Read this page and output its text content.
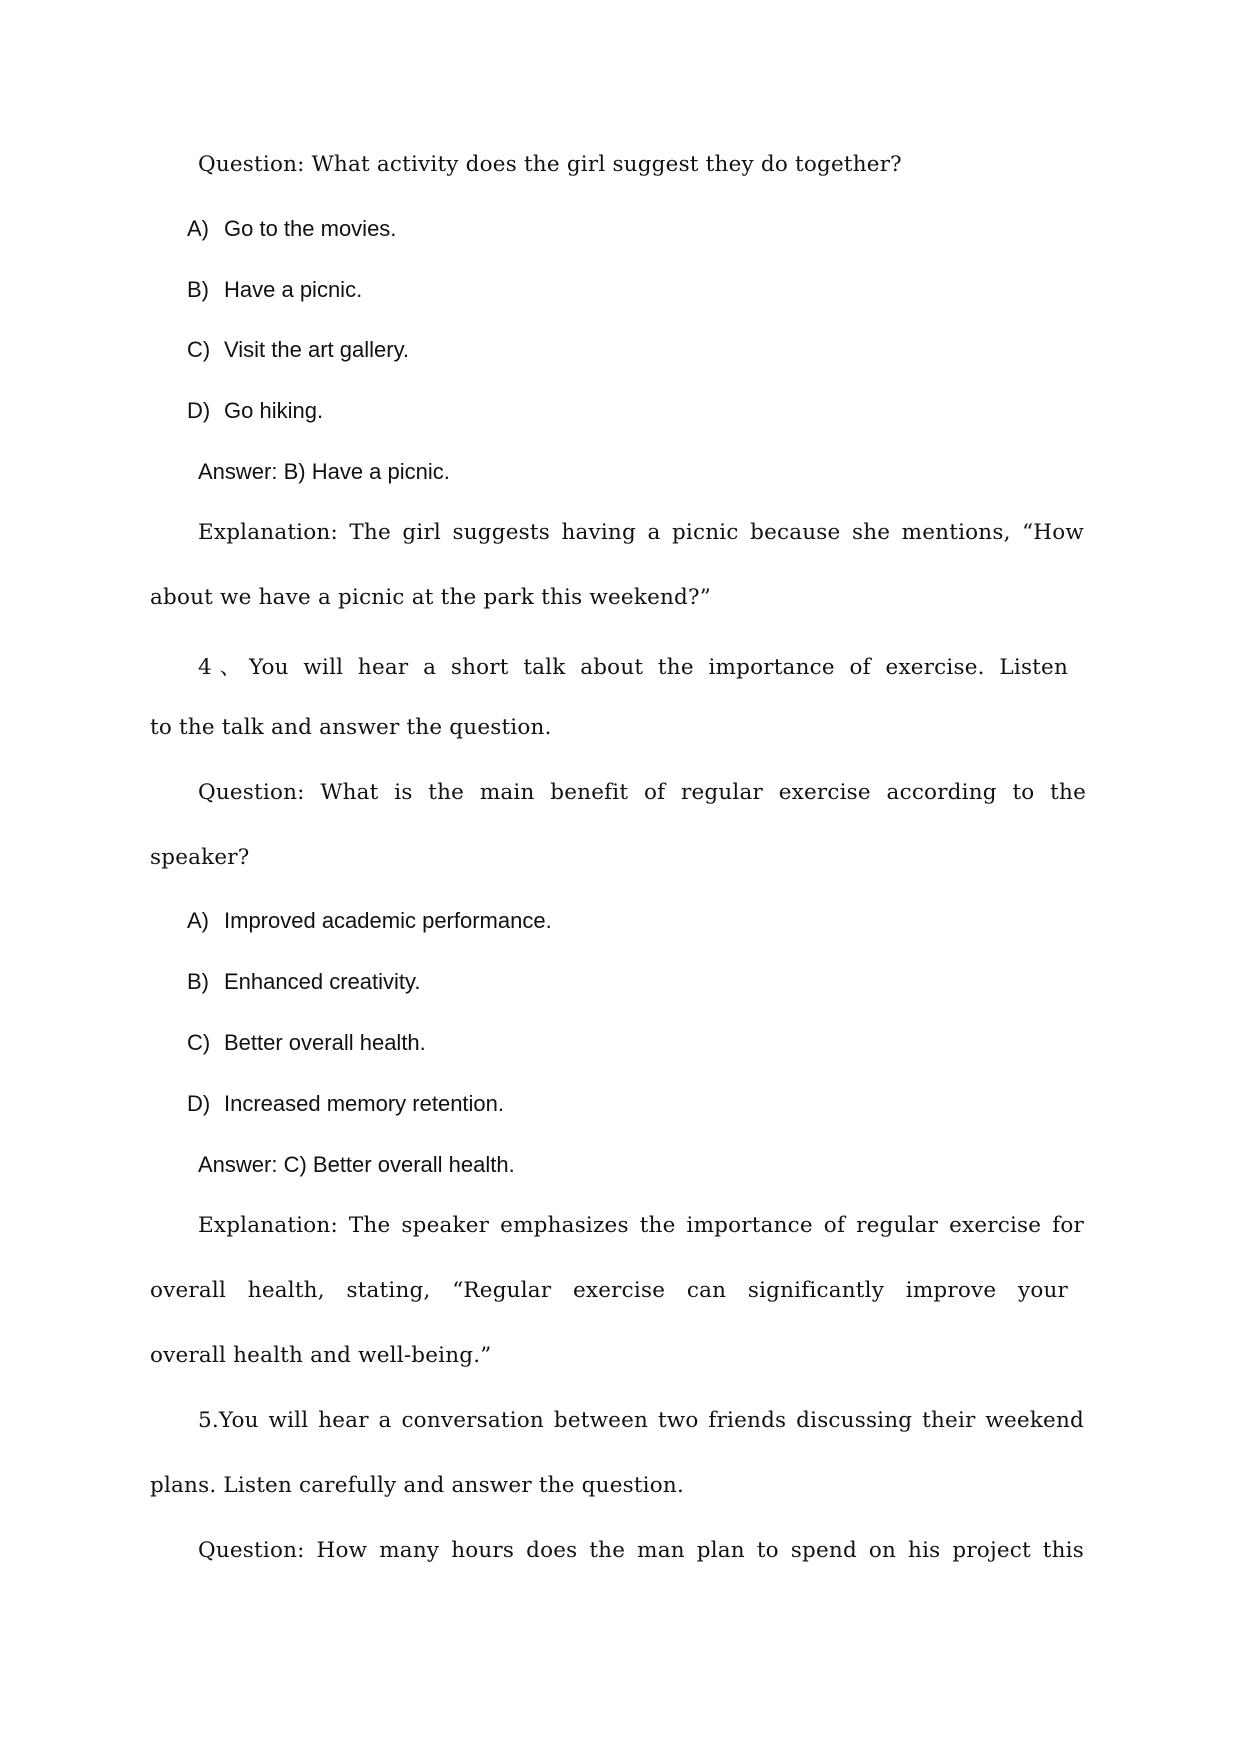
Question: What activity does the girl suggest they do together?

A) Go to the movies.
B) Have a picnic.
C) Visit the art gallery.
D) Go hiking.

Answer: B) Have a picnic.

Explanation: The girl suggests having a picnic because she mentions, “How

about we have a picnic at the park this weekend?”

4、You will hear a short talk about the importance of exercise. Listen

to the talk and answer the question.

Question: What is the main benefit of regular exercise according to the

speaker?

A) Improved academic performance.
B) Enhanced creativity.
C) Better overall health.
D) Increased memory retention.

Answer: C) Better overall health.

Explanation: The speaker emphasizes the importance of regular exercise for

overall health, stating, “Regular exercise can significantly improve your

overall health and well-being.”

5.You will hear a conversation between two friends discussing their weekend

plans. Listen carefully and answer the question.

Question: How many hours does the man plan to spend on his project this
